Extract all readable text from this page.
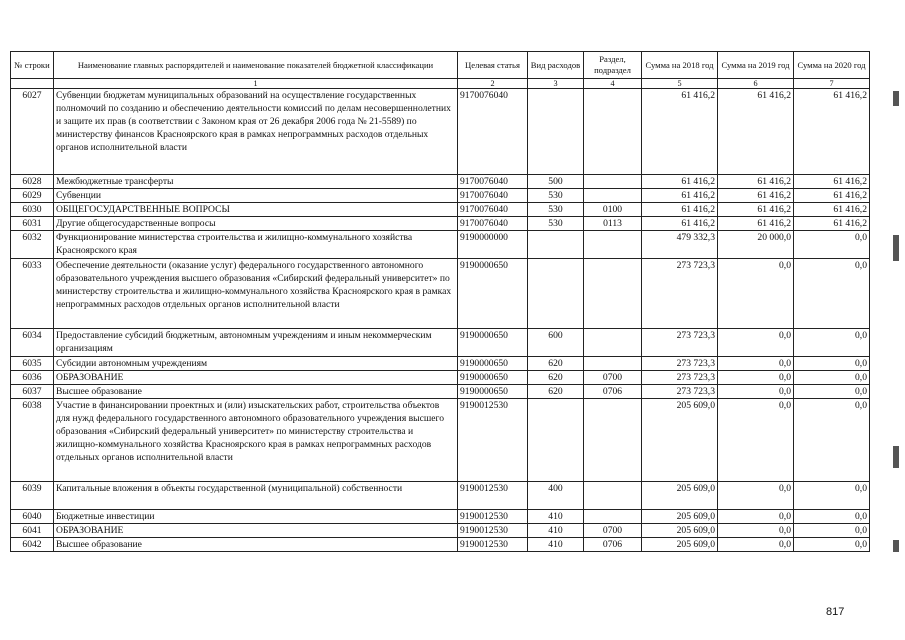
№ строки	Наименование главных распорядителей и наименование показателей бюджетной классификации	Целевая статья	Вид расходов	Раздел, подраздел	Сумма на 2018 год	Сумма на 2019 год	Сумма на 2020 год
	1	2	3	4	5	6	7
6027	Субвенции бюджетам муниципальных образований на осуществление государственных полномочий по созданию и обеспечению деятельности комиссий по делам несовершеннолетних и защите их прав (в соответствии с Законом края от 26 декабря 2006 года № 21-5589) по министерству финансов Красноярского края в рамках непрограммных расходов отдельных органов исполнительной власти	9170076040			61 416,2	61 416,2	61 416,2
6028	Межбюджетные трансферты	9170076040	500		61 416,2	61 416,2	61 416,2
6029	Субвенции	9170076040	530		61 416,2	61 416,2	61 416,2
6030	ОБЩЕГОСУДАРСТВЕННЫЕ ВОПРОСЫ	9170076040	530	0100	61 416,2	61 416,2	61 416,2
6031	Другие общегосударственные вопросы	9170076040	530	0113	61 416,2	61 416,2	61 416,2
6032	Функционирование министерства строительства и жилищно-коммунального хозяйства Красноярского края	9190000000			479 332,3	20 000,0	0,0
6033	Обеспечение деятельности (оказание услуг) федерального государственного автономного образовательного учреждения высшего образования «Сибирский федеральный университет» по министерству строительства и жилищно-коммунального хозяйства Красноярского края в рамках непрограммных расходов отдельных органов исполнительной власти	9190000650			273 723,3	0,0	0,0
6034	Предоставление субсидий бюджетным, автономным учреждениям и иным некоммерческим организациям	9190000650	600		273 723,3	0,0	0,0
6035	Субсидии автономным учреждениям	9190000650	620		273 723,3	0,0	0,0
6036	ОБРАЗОВАНИЕ	9190000650	620	0700	273 723,3	0,0	0,0
6037	Высшее образование	9190000650	620	0706	273 723,3	0,0	0,0
6038	Участие в финансировании проектных и (или) изыскательских работ, строительства объектов для нужд федерального государственного автономного образовательного учреждения высшего образования «Сибирский федеральный университет» по министерству строительства и жилищно-коммунального хозяйства Красноярского края в рамках непрограммных расходов отдельных органов исполнительной власти	9190012530			205 609,0	0,0	0,0
6039	Капитальные вложения в объекты государственной (муниципальной) собственности	9190012530	400		205 609,0	0,0	0,0
6040	Бюджетные инвестиции	9190012530	410		205 609,0	0,0	0,0
6041	ОБРАЗОВАНИЕ	9190012530	410	0700	205 609,0	0,0	0,0
6042	Высшее образование	9190012530	410	0706	205 609,0	0,0	0,0
817
